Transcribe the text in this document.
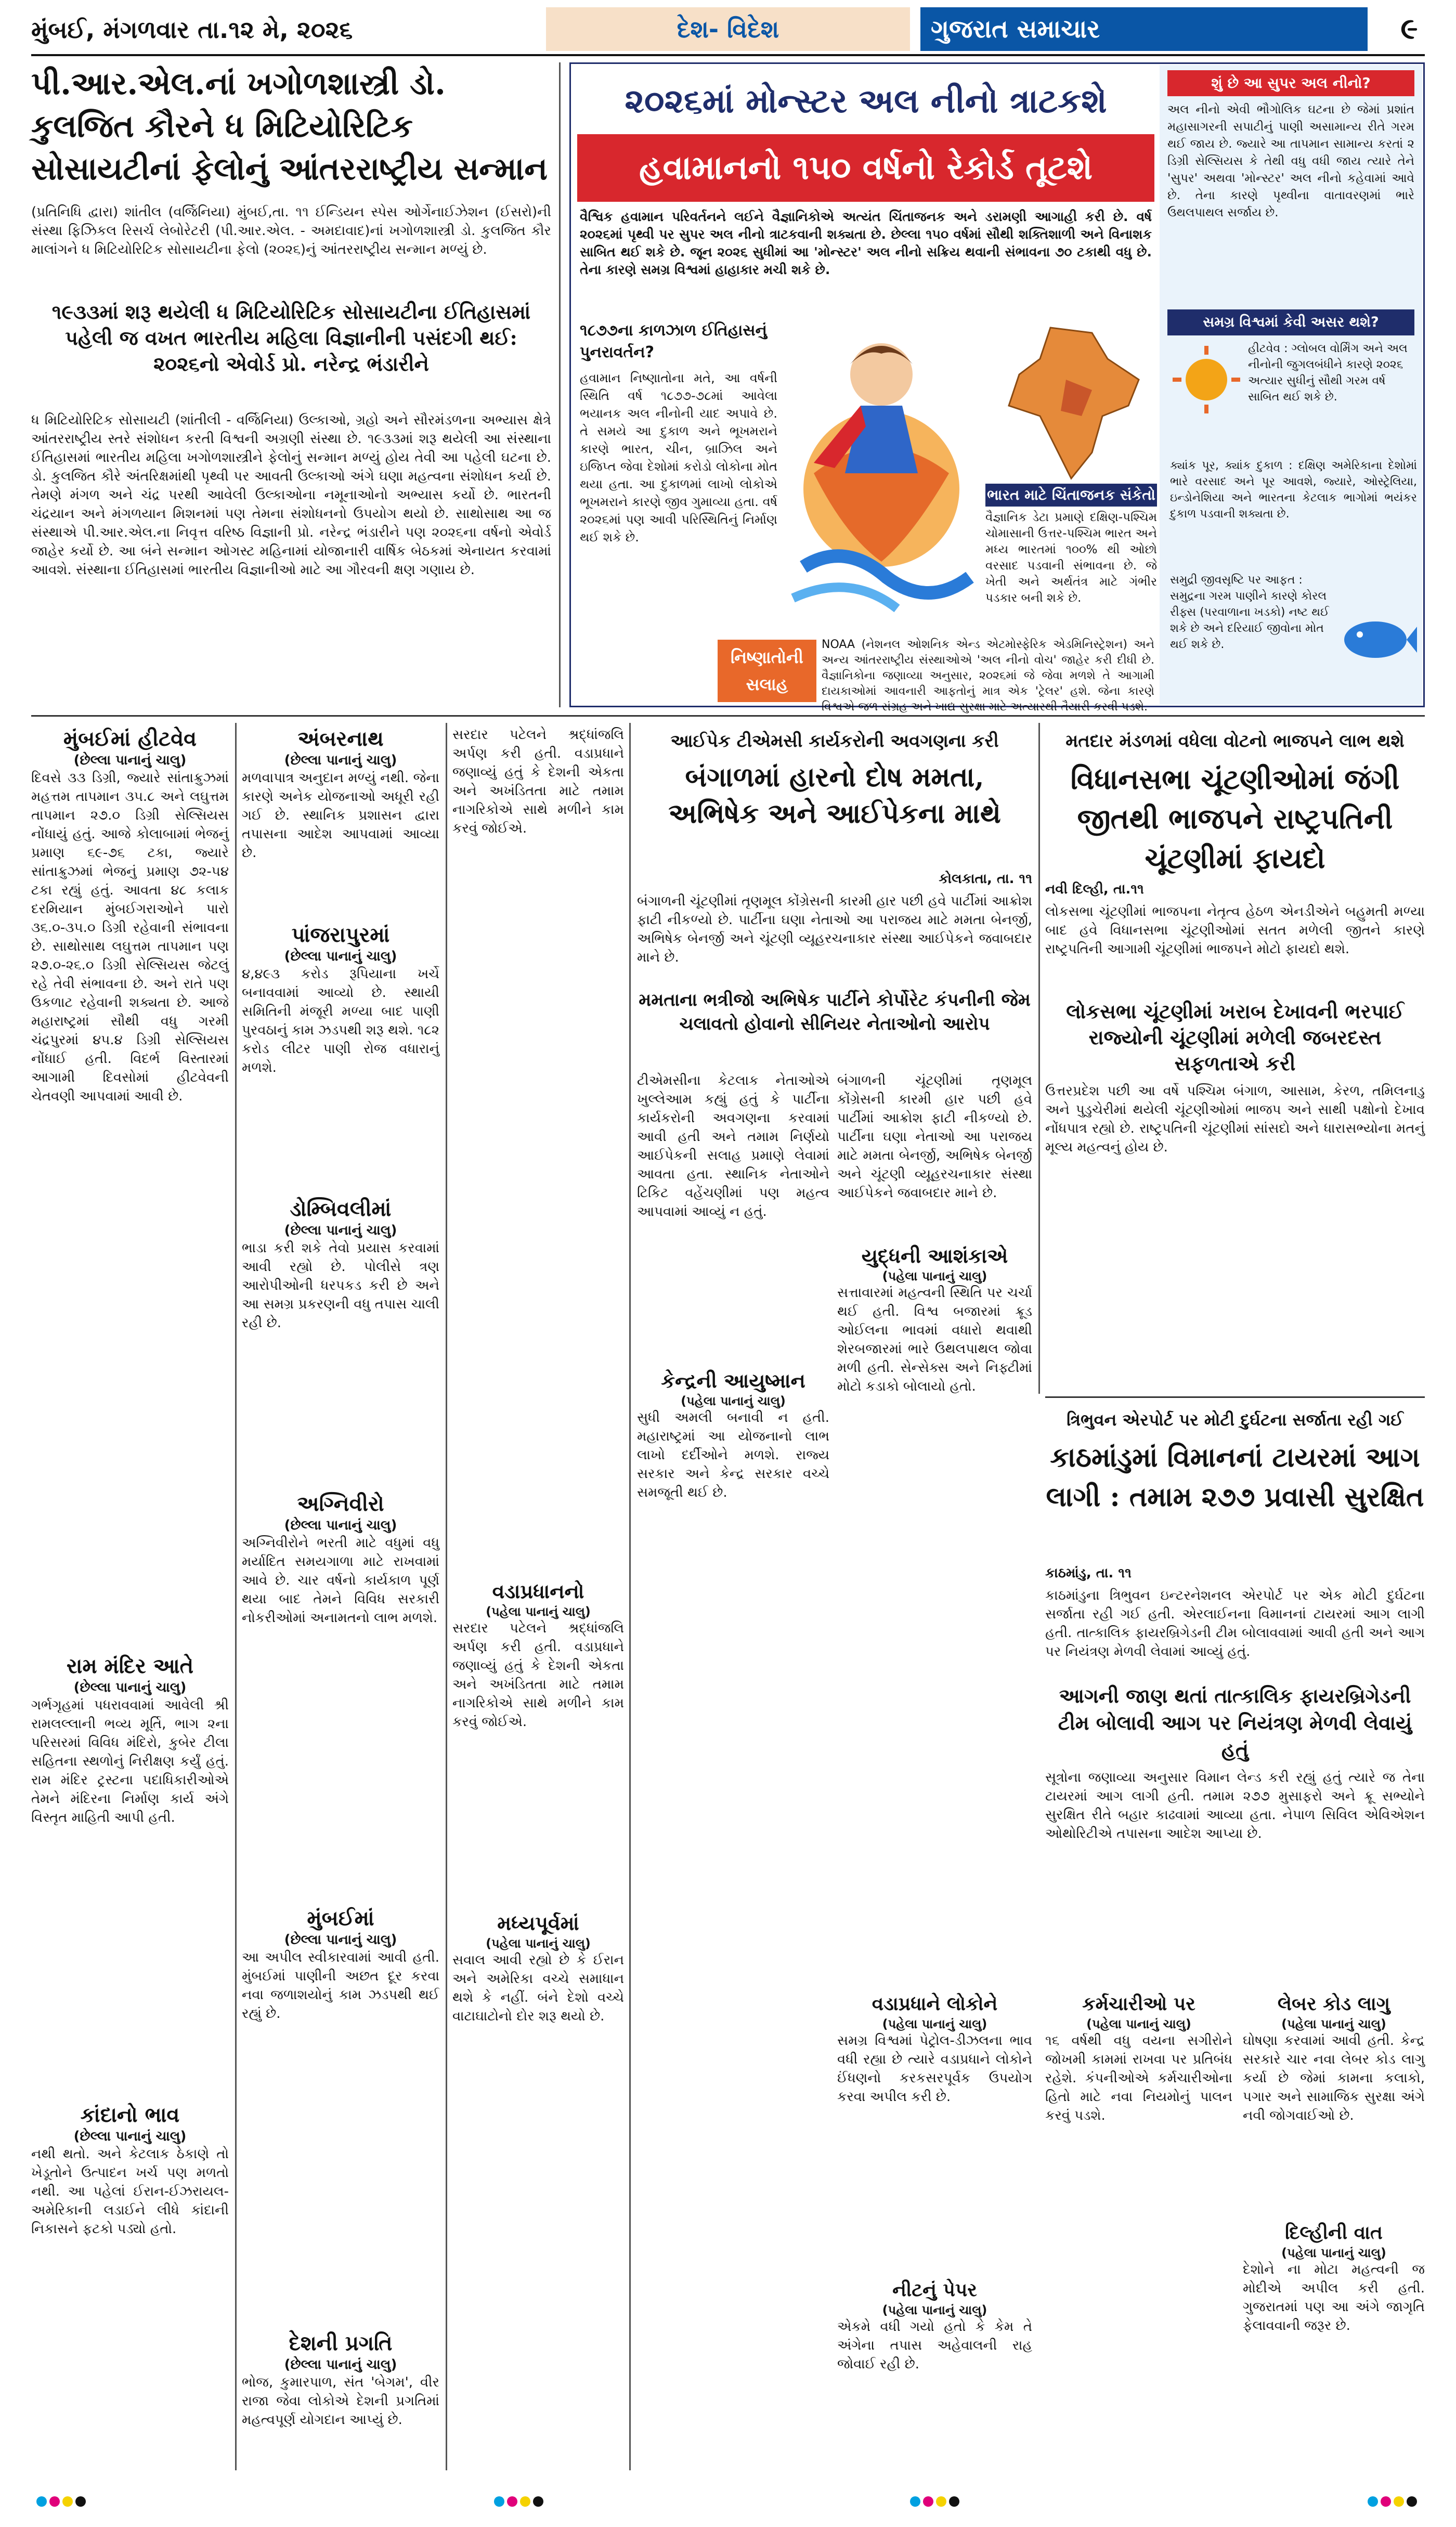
મુંબઈ, મંગળવાર તા.૧૨ મે, ૨૦૨૬	દેશ- વિદેશ	ગુજરાત સમાચાર	૯
પી.આર.એલ.નાં ખગોળશાસ્ત્રી ડો. કુલજિત કૌરને ધ મિટિયોરિટિક સોસાયટીનાં ફેલોનું આંતરરાષ્ટ્રીય સન્માન
(પ્રતિનિધિ દ્વારા) શાંતીલ (વર્જિનિયા) મુંબઈ,તા. ૧૧ ઈન્ડિયન સ્પેસ ઓર્ગેનાઈઝેશન (ઈસરો)ની સંસ્થા ફિઝિકલ રિસર્ચ લેબોરેટરી (પી.આર.એલ. - અમદાવાદ)નાં ખગોળશાસ્ત્રી ડો. કુલજિત કૌર માલાંગને ધ મિટિયોરિટિક સોસાયટીના ફેલો (૨૦૨૬)નું આંતરરાષ્ટ્રીય સન્માન મળ્યું છે.
૧૯૩૩માં શરૂ થયેલી ધ મિટિયોરિટિક સોસાયટીના ઈતિહાસમાં પહેલી જ વખત ભારતીય મહિલા વિજ્ઞાનીની પસંદગી થઈ: ૨૦૨૬નો એવોર્ડ પ્રો. નરેન્દ્ર ભંડારીને
ધ મિટિયોરિટિક સોસાયટી (શાંતીલી - વર્જિનિયા) ઉલ્કાઓ, ગ્રહો અને સૌરમંડળના અભ્યાસ ક્ષેત્રે આંતરરાષ્ટ્રીય સ્તરે સંશોધન કરતી વિશ્વની અગ્રણી સંસ્થા છે. ૧૯૩૩માં શરૂ થયેલી આ સંસ્થાના ઈતિહાસમાં ભારતીય મહિલા ખગોળશાસ્ત્રીને ફેલોનું સન્માન મળ્યું હોય તેવી આ પહેલી ઘટના છે. ડો. કુલજિત કૌરે અંતરિક્ષમાંથી પૃથ્વી પર આવતી ઉલ્કાઓ અંગે ઘણા મહત્વના સંશોધન કર્યા છે. તેમણે મંગળ અને ચંદ્ર પરથી આવેલી ઉલ્કાઓના નમૂનાઓનો અભ્યાસ કર્યો છે. ભારતની ચંદ્રયાન અને મંગળયાન મિશનમાં પણ તેમના સંશોધનનો ઉપયોગ થયો છે. સાથોસાથ આ જ સંસ્થાએ પી.આર.એલ.ના નિવૃત્ત વરિષ્ઠ વિજ્ઞાની પ્રો. નરેન્દ્ર ભંડારીને પણ ૨૦૨૬ના વર્ષનો એવોર્ડ જાહેર કર્યો છે. આ બંને સન્માન ઓગસ્ટ મહિનામાં યોજાનારી વાર્ષિક બેઠકમાં એનાયત કરવામાં આવશે. સંસ્થાના ઈતિહાસમાં ભારતીય વિજ્ઞાનીઓ માટે આ ગૌરવની ક્ષણ ગણાય છે.
૨૦૨૬માં મોન્સ્ટર અલ નીનો ત્રાટકશે
હવામાનનો ૧૫૦ વર્ષનો રેકોર્ડ તૂટશે
વૈશ્વિક હવામાન પરિવર્તનને લઈને વૈજ્ઞાનિકોએ અત્યંત ચિંતાજનક અને ડરામણી આગાહી કરી છે. વર્ષ ૨૦૨૬માં પૃથ્વી પર સુપર અલ નીનો ત્રાટકવાની શક્યતા છે. છેલ્લા ૧૫૦ વર્ષમાં સૌથી શક્તિશાળી અને વિનાશક સાબિત થઈ શકે છે. જૂન ૨૦૨૬ સુધીમાં આ 'મોન્સ્ટર' અલ નીનો સક્રિય થવાની સંભાવના ૭૦ ટકાથી વધુ છે. તેના કારણે સમગ્ર વિશ્વમાં હાહાકાર મચી શકે છે.
૧૮૭૭ના કાળઝાળ ઈતિહાસનું પુનરાવર્તન?
હવામાન નિષ્ણાતોના મતે, આ વર્ષની સ્થિતિ વર્ષ ૧૮૭૭-૭૮માં આવેલા ભયાનક અલ નીનોની યાદ અપાવે છે. તે સમયે આ દુકાળ અને ભૂખમરાને કારણે ભારત, ચીન, બ્રાઝિલ અને ઇજિપ્ત જેવા દેશોમાં કરોડો લોકોના મોત થયા હતા. આ દુકાળમાં લાખો લોકોએ ભૂખમરાને કારણે જીવ ગુમાવ્યા હતા. વર્ષ ૨૦૨૬માં પણ આવી પરિસ્થિતિનું નિર્માણ થઈ શકે છે.
ભારત માટે ચિંતાજનક સંકેતો
વૈજ્ઞાનિક ડેટા પ્રમાણે દક્ષિણ-પશ્ચિમ ચોમાસાની ઉત્તર-પશ્ચિમ ભારત અને મધ્ય ભારતમાં ૧૦૦% થી ઓછો વરસાદ પડવાની સંભાવના છે. જે ખેતી અને અર્થતંત્ર માટે ગંભીર પડકાર બની શકે છે.
નિષ્ણાતોની સલાહ
NOAA (નેશનલ ઓશનિક એન્ડ એટમોસ્ફેરિક એડમિનિસ્ટ્રેશન) અને અન્ય આંતરરાષ્ટ્રીય સંસ્થાઓએ 'અલ નીનો વોચ' જાહેર કરી દીધી છે. વૈજ્ઞાનિકોના જણાવ્યા અનુસાર, ૨૦૨૬માં જે જેવા મળશે તે આગામી દાયકાઓમાં આવનારી આફતોનું માત્ર એક 'ટ્રેલર' હશે. જેના કારણે વિશ્વએ જળ સંગ્રહ અને ખાદ્ય સુરક્ષા માટે અત્યારથી તૈયારી કરવી પડશે.
શું છે આ સુપર અલ નીનો?
અલ નીનો એવી ભૌગોલિક ઘટના છે જેમાં પ્રશાંત મહાસાગરની સપાટીનું પાણી અસામાન્ય રીતે ગરમ થઈ જાય છે. જ્યારે આ તાપમાન સામાન્ય કરતાં ૨ ડિગ્રી સેલ્સિયસ કે તેથી વધુ વધી જાય ત્યારે તેને 'સુપર' અથવા 'મોન્સ્ટર' અલ નીનો કહેવામાં આવે છે. તેના કારણે પૃથ્વીના વાતાવરણમાં ભારે ઉથલપાથલ સર્જાય છે.
સમગ્ર વિશ્વમાં કેવી અસર થશે?
હીટવેવ : ગ્લોબલ વોર્મિંગ અને અલ નીનોની જુગલબંધીને કારણે ૨૦૨૬ અત્યાર સુધીનું સૌથી ગરમ વર્ષ સાબિત થઈ શકે છે.
ક્યાંક પૂર, ક્યાંક દુકાળ : દક્ષિણ અમેરિકાના દેશોમાં ભારે વરસાદ અને પૂર આવશે, જ્યારે, ઓસ્ટ્રેલિયા, ઇન્ડોનેશિયા અને ભારતના કેટલાક ભાગોમાં ભયંકર દુકાળ પડવાની શક્યતા છે.
સમુદ્રી જીવસૃષ્ટિ પર આફત : સમુદ્રના ગરમ પાણીને કારણે કોરલ રીફ્સ (પરવાળાના ખડકો) નષ્ટ થઈ શકે છે અને દરિયાઈ જીવોના મોત થઈ શકે છે.
મુંબઈમાં હીટવેવ
(છેલ્લા પાનાનું ચાલુ)
દિવસે ૩૩ ડિગ્રી, જ્યારે સાંતાક્રુઝમાં મહત્તમ તાપમાન ૩૫.૮ અને લઘુત્તમ તાપમાન ૨૭.૦ ડિગ્રી સેલ્સિયસ નોંધાયું હતું. આજે કોલાબામાં ભેજનું પ્રમાણ ૬૯-૭૬ ટકા, જ્યારે સાંતાક્રુઝમાં ભેજનું પ્રમાણ ૭૨-૫૪ ટકા રહ્યું હતું. આવતા ૪૮ કલાક દરમિયાન મુંબઈગરાઓને પારો ૩૬.૦-૩૫.૦ ડિગ્રી રહેવાની સંભાવના છે. સાથોસાથ લઘુત્તમ તાપમાન પણ ૨૭.૦-૨૬.૦ ડિગ્રી સેલ્સિયસ જેટલું રહે તેવી સંભાવના છે. અને રાતે પણ ઉકળાટ રહેવાની શક્યતા છે. આજે મહારાષ્ટ્રમાં સૌથી વધુ ગરમી ચંદ્રપુરમાં ૪૫.૪ ડિગ્રી સેલ્સિયસ નોંધાઈ હતી. વિદર્ભ વિસ્તારમાં આગામી દિવસોમાં હીટવેવની ચેતવણી આપવામાં આવી છે.
રામ મંદિર આતે
(છેલ્લા પાનાનું ચાલુ)
ગર્ભગૃહમાં પધરાવવામાં આવેલી શ્રી રામલલ્લાની ભવ્ય મૂર્તિ, ભાગ ૨ના પરિસરમાં વિવિધ મંદિરો, કુબેર ટીલા સહિતના સ્થળોનું નિરીક્ષણ કર્યું હતું. રામ મંદિર ટ્રસ્ટના પદાધિકારીઓએ તેમને મંદિરના નિર્માણ કાર્ય અંગે વિસ્તૃત માહિતી આપી હતી.
કાંદાનો ભાવ
(છેલ્લા પાનાનું ચાલુ)
નથી થતો. અને કેટલાક ઠેકાણે તો ખેડૂતોને ઉત્પાદન ખર્ચ પણ મળતો નથી. આ પહેલાં ઈરાન-ઈઝરાયલ-અમેરિકાની લડાઈને લીધે કાંદાની નિકાસને ફટકો પડ્યો હતો.
અંબરનાથ
(છેલ્લા પાનાનું ચાલુ)
મળવાપાત્ર અનુદાન મળ્યું નથી. જેના કારણે અનેક યોજનાઓ અધૂરી રહી ગઈ છે. સ્થાનિક પ્રશાસન દ્વારા તપાસના આદેશ આપવામાં આવ્યા છે.
પાંજરાપુરમાં
(છેલ્લા પાનાનું ચાલુ)
૪,૪૯૩ કરોડ રૂપિયાના ખર્ચે બનાવવામાં આવ્યો છે. સ્થાયી સમિતિની મંજૂરી મળ્યા બાદ પાણી પુરવઠાનું કામ ઝડપથી શરૂ થશે. ૧૮૨ કરોડ લીટર પાણી રોજ વધારાનું મળશે.
ડોમ્બિવલીમાં
(છેલ્લા પાનાનું ચાલુ)
ભાડા કરી શકે તેવો પ્રયાસ કરવામાં આવી રહ્યો છે. પોલીસે ત્રણ આરોપીઓની ધરપકડ કરી છે અને આ સમગ્ર પ્રકરણની વધુ તપાસ ચાલી રહી છે.
અગ્નિવીરો
(છેલ્લા પાનાનું ચાલુ)
અગ્નિવીરોને ભરતી માટે વધુમાં વધુ મર્યાદિત સમયગાળા માટે રાખવામાં આવે છે. ચાર વર્ષનો કાર્યકાળ પૂર્ણ થયા બાદ તેમને વિવિધ સરકારી નોકરીઓમાં અનામતનો લાભ મળશે.
મુંબઈમાં
(છેલ્લા પાનાનું ચાલુ)
આ અપીલ સ્વીકારવામાં આવી હતી. મુંબઈમાં પાણીની અછત દૂર કરવા નવા જળાશયોનું કામ ઝડપથી થઈ રહ્યું છે.
દેશની પ્રગતિ
(છેલ્લા પાનાનું ચાલુ)
ભોજ, કુમારપાળ, સંત 'બેગમ', વીર રાજા જેવા લોકોએ દેશની પ્રગતિમાં મહત્વપૂર્ણ યોગદાન આપ્યું છે.
સરદાર પટેલને શ્રદ્ધાંજલિ અર્પણ કરી હતી. વડાપ્રધાને જણાવ્યું હતું કે દેશની એકતા અને અખંડિતતા માટે તમામ નાગરિકોએ સાથે મળીને કામ કરવું જોઈએ.
વડાપ્રધાનનો
(પહેલા પાનાનું ચાલુ)
સરદાર પટેલને શ્રદ્ધાંજલિ અર્પણ કરી હતી. વડાપ્રધાને જણાવ્યું હતું કે દેશની એકતા અને અખંડિતતા માટે તમામ નાગરિકોએ સાથે મળીને કામ કરવું જોઈએ.
મધ્યપૂર્વમાં
(પહેલા પાનાનું ચાલુ)
સવાલ આવી રહ્યો છે કે ઈરાન અને અમેરિકા વચ્ચે સમાધાન થશે કે નહીં. બંને દેશો વચ્ચે વાટાઘાટોનો દોર શરૂ થયો છે.
આઈપેક ટીએમસી કાર્યકરોની અવગણના કરી
બંગાળમાં હારનો દોષ મમતા, અભિષેક અને આઈપેકના માથે
કોલકાતા, તા. ૧૧
બંગાળની ચૂંટણીમાં તૃણમૂલ કોંગ્રેસની કારમી હાર પછી હવે પાર્ટીમાં આક્રોશ ફાટી નીકળ્યો છે. પાર્ટીના ઘણા નેતાઓ આ પરાજય માટે મમતા બેનર્જી, અભિષેક બેનર્જી અને ચૂંટણી વ્યૂહરચનાકાર સંસ્થા આઈપેકને જવાબદાર માને છે.
મમતાના ભત્રીજો અભિષેક પાર્ટીને કોર્પોરેટ કંપનીની જેમ ચલાવતો હોવાનો સીનિયર નેતાઓનો આરોપ
ટીએમસીના કેટલાક નેતાઓએ ખુલ્લેઆમ કહ્યું હતું કે પાર્ટીના કાર્યકરોની અવગણના કરવામાં આવી હતી અને તમામ નિર્ણયો આઈપેકની સલાહ પ્રમાણે લેવામાં આવતા હતા. સ્થાનિક નેતાઓને ટિકિટ વહેંચણીમાં પણ મહત્વ આપવામાં આવ્યું ન હતું.
બંગાળની ચૂંટણીમાં તૃણમૂલ કોંગ્રેસની કારમી હાર પછી હવે પાર્ટીમાં આક્રોશ ફાટી નીકળ્યો છે. પાર્ટીના ઘણા નેતાઓ આ પરાજય માટે મમતા બેનર્જી, અભિષેક બેનર્જી અને ચૂંટણી વ્યૂહરચનાકાર સંસ્થા આઈપેકને જવાબદાર માને છે.
યુદ્ધની આશંકાએ
(પહેલા પાનાનું ચાલુ)
સત્તાવારમાં મહત્વની સ્થિતિ પર ચર્ચા થઈ હતી. વિશ્વ બજારમાં ક્રૂડ ઓઈલના ભાવમાં વધારો થવાથી શેરબજારમાં ભારે ઉથલપાથલ જોવા મળી હતી. સેન્સેક્સ અને નિફ્ટીમાં મોટો કડાકો બોલાયો હતો.
કેન્દ્રની આયુષ્માન
(પહેલા પાનાનું ચાલુ)
સુધી અમલી બનાવી ન હતી. મહારાષ્ટ્રમાં આ યોજનાનો લાભ લાખો દર્દીઓને મળશે. રાજ્ય સરકાર અને કેન્દ્ર સરકાર વચ્ચે સમજૂતી થઈ છે.
મતદાર મંડળમાં વધેલા વોટનો ભાજપને લાભ થશે
વિધાનસભા ચૂંટણીઓમાં જંગી જીતથી ભાજપને રાષ્ટ્રપતિની ચૂંટણીમાં ફાયદો
નવી દિલ્હી, તા.૧૧
લોકસભા ચૂંટણીમાં ભાજપના નેતૃત્વ હેઠળ એનડીએને બહુમતી મળ્યા બાદ હવે વિધાનસભા ચૂંટણીઓમાં સતત મળેલી જીતને કારણે રાષ્ટ્રપતિની આગામી ચૂંટણીમાં ભાજપને મોટો ફાયદો થશે.
લોકસભા ચૂંટણીમાં ખરાબ દેખાવની ભરપાઈ રાજ્યોની ચૂંટણીમાં મળેલી જબરદસ્ત સફળતાએ કરી
ઉત્તરપ્રદેશ પછી આ વર્ષે પશ્ચિમ બંગાળ, આસામ, કેરળ, તમિલનાડુ અને પુડુચેરીમાં થયેલી ચૂંટણીઓમાં ભાજપ અને સાથી પક્ષોનો દેખાવ નોંધપાત્ર રહ્યો છે. રાષ્ટ્રપતિની ચૂંટણીમાં સાંસદો અને ધારાસભ્યોના મતનું મૂલ્ય મહત્વનું હોય છે.
ત્રિભુવન એરપોર્ટ પર મોટી દુર્ઘટના સર્જાતા રહી ગઈ
કાઠમાંડુમાં વિમાનનાં ટાયરમાં આગ લાગી : તમામ ૨૭૭ પ્રવાસી સુરક્ષિત
કાઠમાંડુ, તા. ૧૧
કાઠમાંડુના ત્રિભુવન ઇન્ટરનેશનલ એરપોર્ટ પર એક મોટી દુર્ઘટના સર્જાતા રહી ગઈ હતી. એરલાઈનના વિમાનનાં ટાયરમાં આગ લાગી હતી. તાત્કાલિક ફાયરબ્રિગેડની ટીમ બોલાવવામાં આવી હતી અને આગ પર નિયંત્રણ મેળવી લેવામાં આવ્યું હતું.
આગની જાણ થતાં તાત્કાલિક ફાયરબ્રિગેડની ટીમ બોલાવી આગ પર નિયંત્રણ મેળવી લેવાયું હતું
સૂત્રોના જણાવ્યા અનુસાર વિમાન લેન્ડ કરી રહ્યું હતું ત્યારે જ તેના ટાયરમાં આગ લાગી હતી. તમામ ૨૭૭ મુસાફરો અને ક્રૂ સભ્યોને સુરક્ષિત રીતે બહાર કાઢવામાં આવ્યા હતા. નેપાળ સિવિલ એવિએશન ઓથોરિટીએ તપાસના આદેશ આપ્યા છે.
વડાપ્રધાને લોકોને
(પહેલા પાનાનું ચાલુ)
સમગ્ર વિશ્વમાં પેટ્રોલ-ડીઝલના ભાવ વધી રહ્યા છે ત્યારે વડાપ્રધાને લોકોને ઈંધણનો કરકસરપૂર્વક ઉપયોગ કરવા અપીલ કરી છે.
નીટનું પેપર
(પહેલા પાનાનું ચાલુ)
એકમે વધી ગયો હતો કે કેમ તે અંગેના તપાસ અહેવાલની રાહ જોવાઈ રહી છે.
કર્મચારીઓ પર
(પહેલા પાનાનું ચાલુ)
૧૬ વર્ષથી વધુ વયના સગીરોને જોખમી કામમાં રાખવા પર પ્રતિબંધ રહેશે. કંપનીઓએ કર્મચારીઓના હિતો માટે નવા નિયમોનું પાલન કરવું પડશે.
લેબર કોડ લાગુ
(પહેલા પાનાનું ચાલુ)
ઘોષણા કરવામાં આવી હતી. કેન્દ્ર સરકારે ચાર નવા લેબર કોડ લાગુ કર્યા છે જેમાં કામના કલાકો, પગાર અને સામાજિક સુરક્ષા અંગે નવી જોગવાઈઓ છે.
દિલ્હીની વાત
(પહેલા પાનાનું ચાલુ)
દેશોને ના મોટા મહત્વની જ મોદીએ અપીલ કરી હતી. ગુજરાતમાં પણ આ અંગે જાગૃતિ ફેલાવવાની જરૂર છે.
